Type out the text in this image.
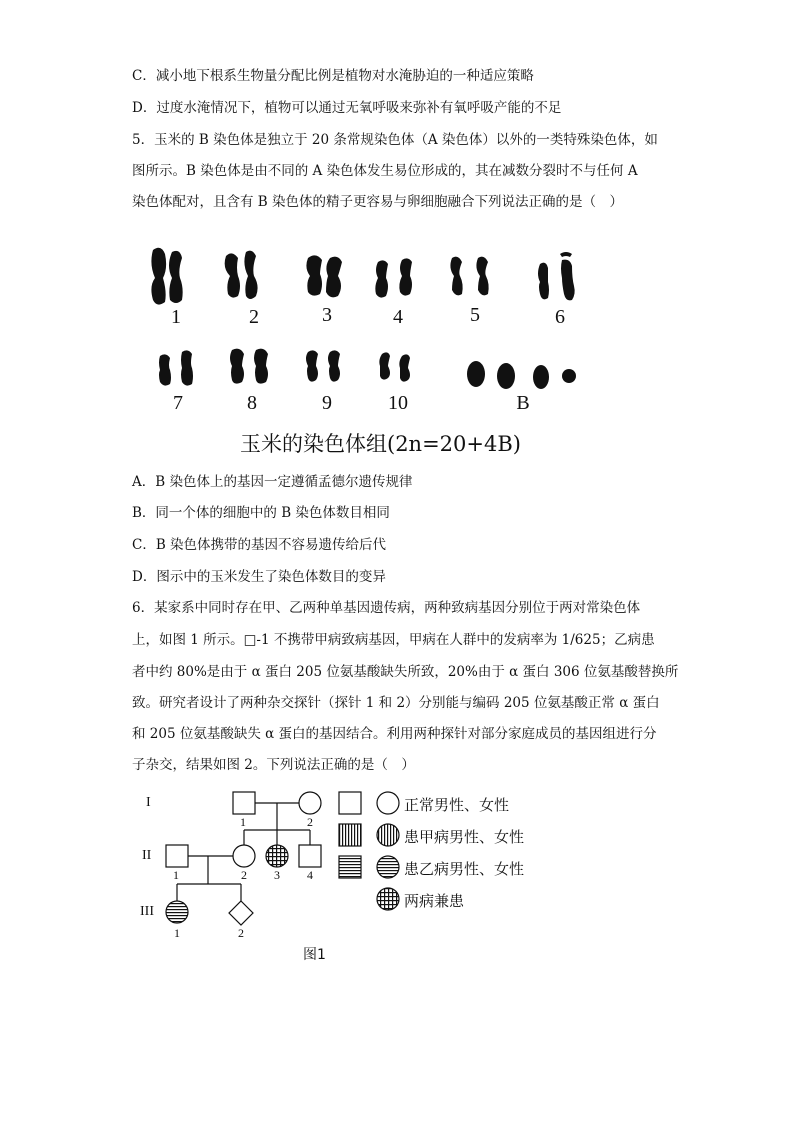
C．减小地下根系生物量分配比例是植物对水淹胁迫的一种适应策略
D．过度水淹情况下，植物可以通过无氧呼吸来弥补有氧呼吸产能的不足
5．玉米的 B 染色体是独立于 20 条常规染色体（A 染色体）以外的一类特殊染色体，如
图所示。B 染色体是由不同的 A 染色体发生易位形成的，其在减数分裂时不与任何 A
染色体配对，且含有 B 染色体的精子更容易与卵细胞融合下列说法正确的是（　）
1	2	3	4	5	6
7	8	9	10	B
玉米的染色体组(2n=20+4B)
A．B 染色体上的基因一定遵循孟德尔遗传规律
B．同一个体的细胞中的 B 染色体数目相同
C．B 染色体携带的基因不容易遗传给后代
D．图示中的玉米发生了染色体数目的变异
6．某家系中同时存在甲、乙两种单基因遗传病，两种致病基因分别位于两对常染色体
上，如图 1 所示。□-1 不携带甲病致病基因，甲病在人群中的发病率为 1/625；乙病患
者中约 80%是由于 α 蛋白 205 位氨基酸缺失所致，20%由于 α 蛋白 306 位氨基酸替换所
致。研究者设计了两种杂交探针（探针 1 和 2）分别能与编码 205 位氨基酸正常 α 蛋白
和 205 位氨基酸缺失 α 蛋白的基因结合。利用两种探针对部分家庭成员的基因组进行分
子杂交，结果如图 2。下列说法正确的是（　）
I
II
III
1	2
1	2 3 4
1	2
正常男性、女性
患甲病男性、女性
患乙病男性、女性
两病兼患
图1
